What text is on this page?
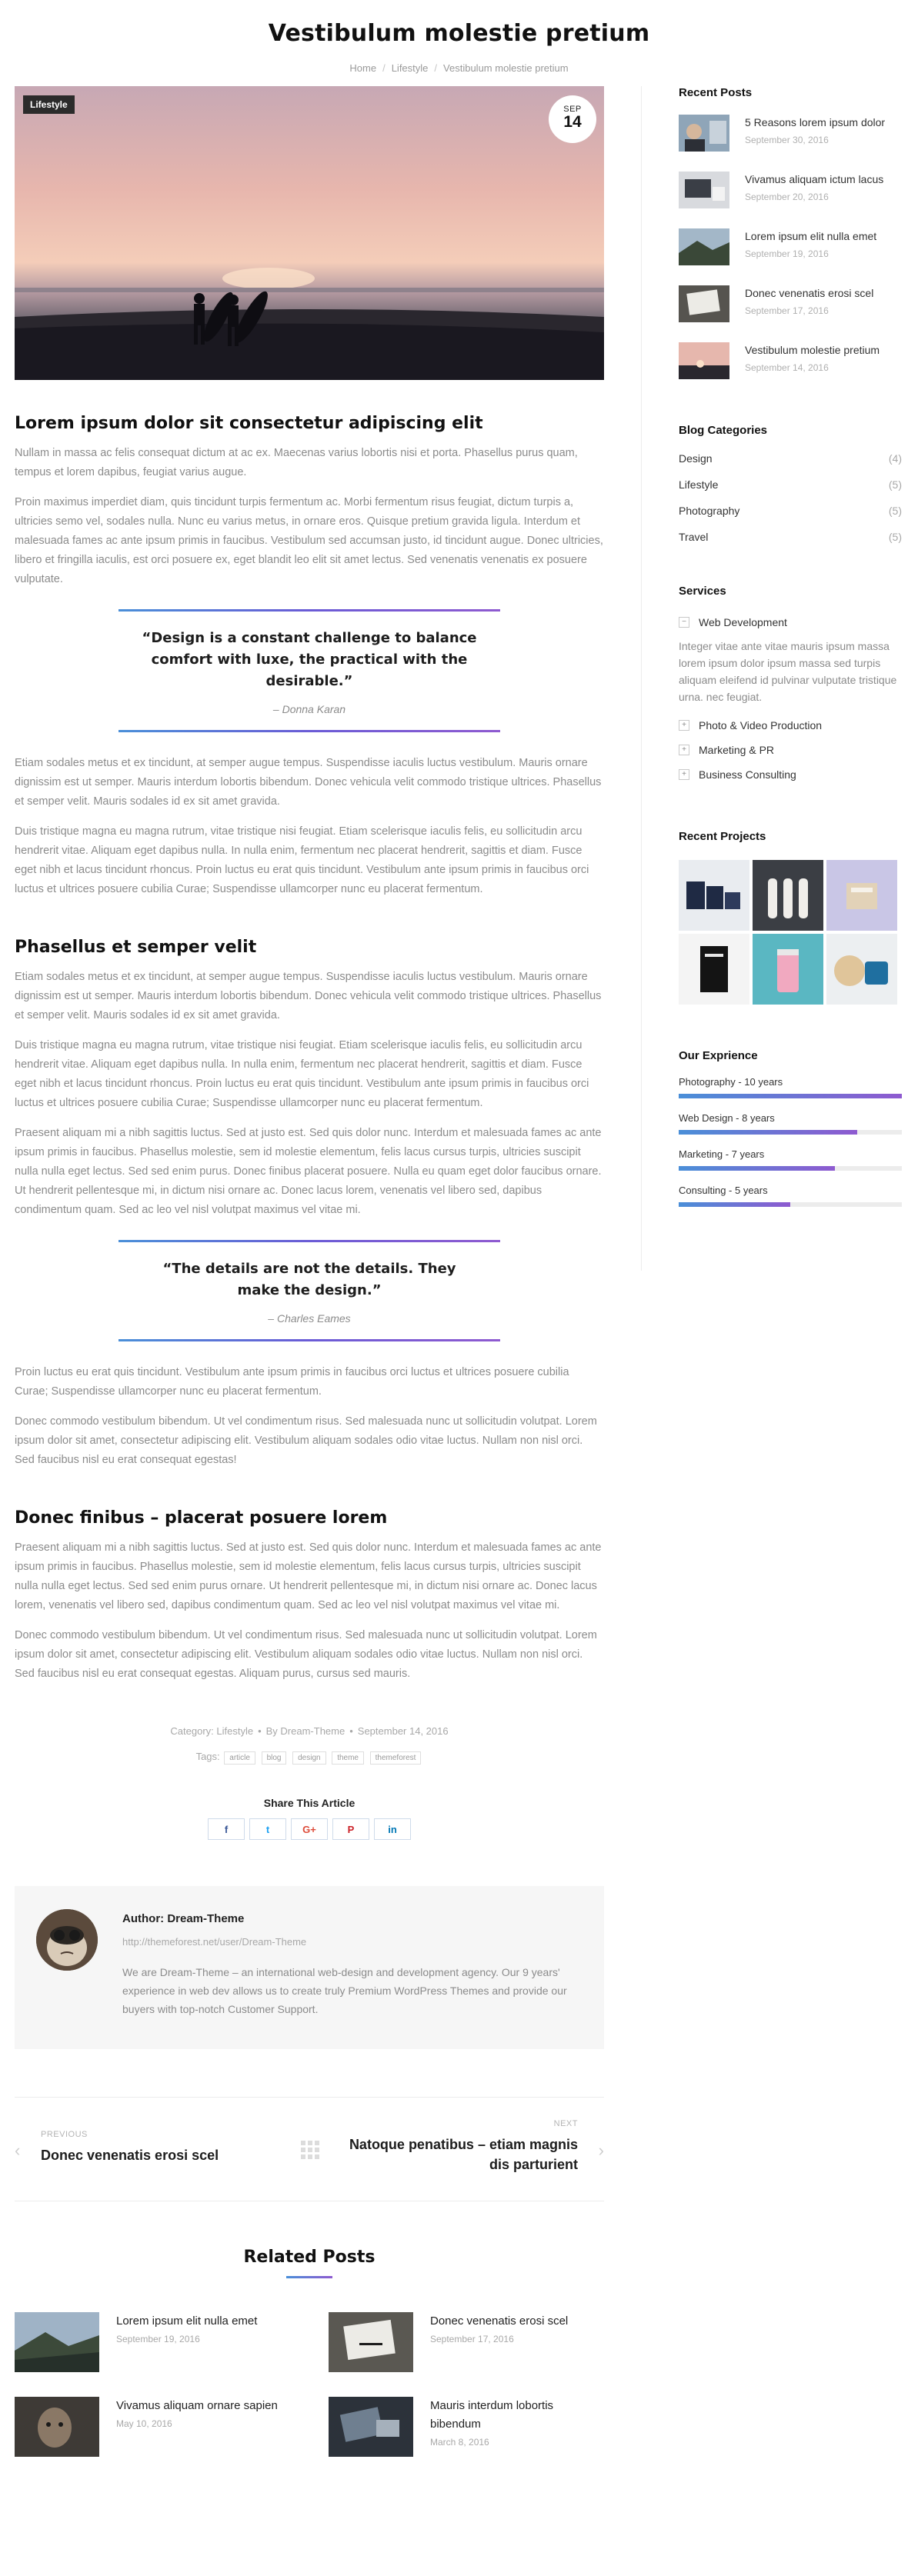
Vestibulum molestie pretium
Home / Lifestyle / Vestibulum molestie pretium
Lifestyle	SEP
14
Lorem ipsum dolor sit consectetur adipiscing elit

Nullam in massa ac felis consequat dictum at ac ex. Maecenas varius lobortis nisi et porta. Phasellus purus quam, tempus et lorem dapibus, feugiat varius augue.

Proin maximus imperdiet diam, quis tincidunt turpis fermentum ac. Morbi fermentum risus feugiat, dictum turpis a, ultricies semo vel, sodales nulla. Nunc eu varius metus, in ornare eros. Quisque pretium gravida ligula. Interdum et malesuada fames ac ante ipsum primis in faucibus. Vestibulum sed accumsan justo, id tincidunt augue. Donec ultricies, libero et fringilla iaculis, est orci posuere ex, eget blandit leo elit sit amet lectus. Sed venenatis venenatis ex posuere vulputate.

“Design is a constant challenge to balance comfort with luxe, the practical with the desirable.”
– Donna Karan

Etiam sodales metus et ex tincidunt, at semper augue tempus. Suspendisse iaculis luctus vestibulum. Mauris ornare dignissim est ut semper. Mauris interdum lobortis bibendum. Donec vehicula velit commodo tristique ultrices. Phasellus et semper velit. Mauris sodales id ex sit amet gravida.

Duis tristique magna eu magna rutrum, vitae tristique nisi feugiat. Etiam scelerisque iaculis felis, eu sollicitudin arcu hendrerit vitae. Aliquam eget dapibus nulla. In nulla enim, fermentum nec placerat hendrerit, sagittis et diam. Fusce eget nibh et lacus tincidunt rhoncus. Proin luctus eu erat quis tincidunt. Vestibulum ante ipsum primis in faucibus orci luctus et ultrices posuere cubilia Curae; Suspendisse ullamcorper nunc eu placerat fermentum.

Phasellus et semper velit

Etiam sodales metus et ex tincidunt, at semper augue tempus. Suspendisse iaculis luctus vestibulum. Mauris ornare dignissim est ut semper. Mauris interdum lobortis bibendum. Donec vehicula velit commodo tristique ultrices. Phasellus et semper velit. Mauris sodales id ex sit amet gravida.

Duis tristique magna eu magna rutrum, vitae tristique nisi feugiat. Etiam scelerisque iaculis felis, eu sollicitudin arcu hendrerit vitae. Aliquam eget dapibus nulla. In nulla enim, fermentum nec placerat hendrerit, sagittis et diam. Fusce eget nibh et lacus tincidunt rhoncus. Proin luctus eu erat quis tincidunt. Vestibulum ante ipsum primis in faucibus orci luctus et ultrices posuere cubilia Curae; Suspendisse ullamcorper nunc eu placerat fermentum.

Praesent aliquam mi a nibh sagittis luctus. Sed at justo est. Sed quis dolor nunc. Interdum et malesuada fames ac ante ipsum primis in faucibus. Phasellus molestie, sem id molestie elementum, felis lacus cursus turpis, ultricies suscipit nulla nulla eget lectus. Sed sed enim purus. Donec finibus placerat posuere. Nulla eu quam eget dolor faucibus ornare. Ut hendrerit pellentesque mi, in dictum nisi ornare ac. Donec lacus lorem, venenatis vel libero sed, dapibus condimentum quam. Sed ac leo vel nisl volutpat maximus vel vitae mi.

“The details are not the details. They make the design.”
– Charles Eames

Proin luctus eu erat quis tincidunt. Vestibulum ante ipsum primis in faucibus orci luctus et ultrices posuere cubilia Curae; Suspendisse ullamcorper nunc eu placerat fermentum.

Donec commodo vestibulum bibendum. Ut vel condimentum risus. Sed malesuada nunc ut sollicitudin volutpat. Lorem ipsum dolor sit amet, consectetur adipiscing elit. Vestibulum aliquam sodales odio vitae luctus. Nullam non nisl orci. Sed faucibus nisl eu erat consequat egestas!

Donec finibus – placerat posuere lorem

Praesent aliquam mi a nibh sagittis luctus. Sed at justo est. Sed quis dolor nunc. Interdum et malesuada fames ac ante ipsum primis in faucibus. Phasellus molestie, sem id molestie elementum, felis lacus cursus turpis, ultricies suscipit nulla nulla eget lectus. Sed sed enim purus ornare. Ut hendrerit pellentesque mi, in dictum nisi ornare ac. Donec lacus lorem, venenatis vel libero sed, dapibus condimentum quam. Sed ac leo vel nisl volutpat maximus vel vitae mi.

Donec commodo vestibulum bibendum. Ut vel condimentum risus. Sed malesuada nunc ut sollicitudin volutpat. Lorem ipsum dolor sit amet, consectetur adipiscing elit. Vestibulum aliquam sodales odio vitae luctus. Nullam non nisl orci. Sed faucibus nisl eu erat consequat egestas. Aliquam purus, cursus sed mauris.

Category: Lifestyle • By Dream-Theme • September 14, 2016
Tags: article blog design theme themeforest
Share This Article
f	t	G+	P	in
Author: Dream-Theme
http://themeforest.net/user/Dream-Theme
We are Dream-Theme – an international web-design and development agency. Our 9 years' experience in web dev allows us to create truly Premium WordPress Themes and provide our buyers with top-notch Customer Support.
‹
PREVIOUS
Donec venenatis erosi scel
NEXT
Natoque penatibus – etiam magnis dis parturient
›
Related Posts
Lorem ipsum elit nulla emet
September 19, 2016
Donec venenatis erosi scel
September 17, 2016
Vivamus aliquam ornare sapien
May 10, 2016
Mauris interdum lobortis bibendum
March 8, 2016
Recent Posts
5 Reasons lorem ipsum dolor
September 30, 2016
Vivamus aliquam ictum lacus
September 20, 2016
Lorem ipsum elit nulla emet
September 19, 2016
Donec venenatis erosi scel
September 17, 2016
Vestibulum molestie pretium
September 14, 2016
Blog Categories
Design	(4)
Lifestyle	(5)
Photography	(5)
Travel	(5)
Services
− Web Development
Integer vitae ante vitae mauris ipsum massa lorem ipsum dolor ipsum massa sed turpis aliquam eleifend id pulvinar vulputate tristique urna. nec feugiat.
+ Photo & Video Production
+ Marketing & PR
+ Business Consulting
Recent Projects
Our Exprience
Photography - 10 years
Web Design - 8 years
Marketing - 7 years
Consulting - 5 years
